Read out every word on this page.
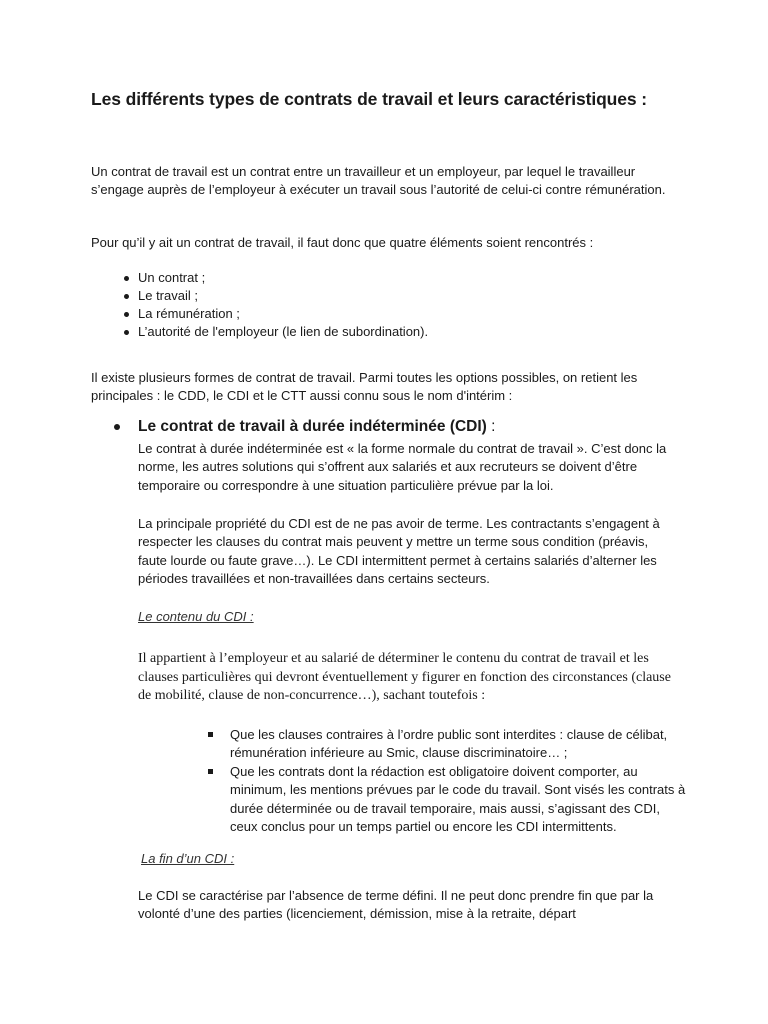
Les différents types de contrats de travail et leurs caractéristiques :

Un contrat de travail est un contrat entre un travailleur et un employeur, par lequel le travailleur s’engage auprès de l’employeur à exécuter un travail sous l’autorité de celui-ci contre rémunération.

Pour qu’il y ait un contrat de travail, il faut donc que quatre éléments soient rencontrés :

Un contrat ;
Le travail ;
La rémunération ;
L’autorité de l'employeur (le lien de subordination).

Il existe plusieurs formes de contrat de travail. Parmi toutes les options possibles, on retient les principales : le CDD, le CDI et le CTT aussi connu sous le nom d'intérim :

Le contrat de travail à durée indéterminée (CDI) :

Le contrat à durée indéterminée est « la forme normale du contrat de travail ». C’est donc la norme, les autres solutions qui s’offrent aux salariés et aux recruteurs se doivent d’être temporaire ou correspondre à une situation particulière prévue par la loi.

La principale propriété du CDI est de ne pas avoir de terme. Les contractants s’engagent à respecter les clauses du contrat mais peuvent y mettre un terme sous condition (préavis, faute lourde ou faute grave…). Le CDI intermittent permet à certains salariés d’alterner les périodes travaillées et non-travaillées dans certains secteurs.

Le contenu du CDI :

Il appartient à l’employeur et au salarié de déterminer le contenu du contrat de travail et les clauses particulières qui devront éventuellement y figurer en fonction des circonstances (clause de mobilité, clause de non-concurrence…), sachant toutefois :

Que les clauses contraires à l’ordre public sont interdites : clause de célibat, rémunération inférieure au Smic, clause discriminatoire… ;

Que les contrats dont la rédaction est obligatoire doivent comporter, au minimum, les mentions prévues par le code du travail. Sont visés les contrats à durée déterminée ou de travail temporaire, mais aussi, s’agissant des CDI, ceux conclus pour un temps partiel ou encore les CDI intermittents.

La fin d’un CDI :

Le CDI se caractérise par l’absence de terme défini. Il ne peut donc prendre fin que par la volonté d’une des parties (licenciement, démission, mise à la retraite, départ
